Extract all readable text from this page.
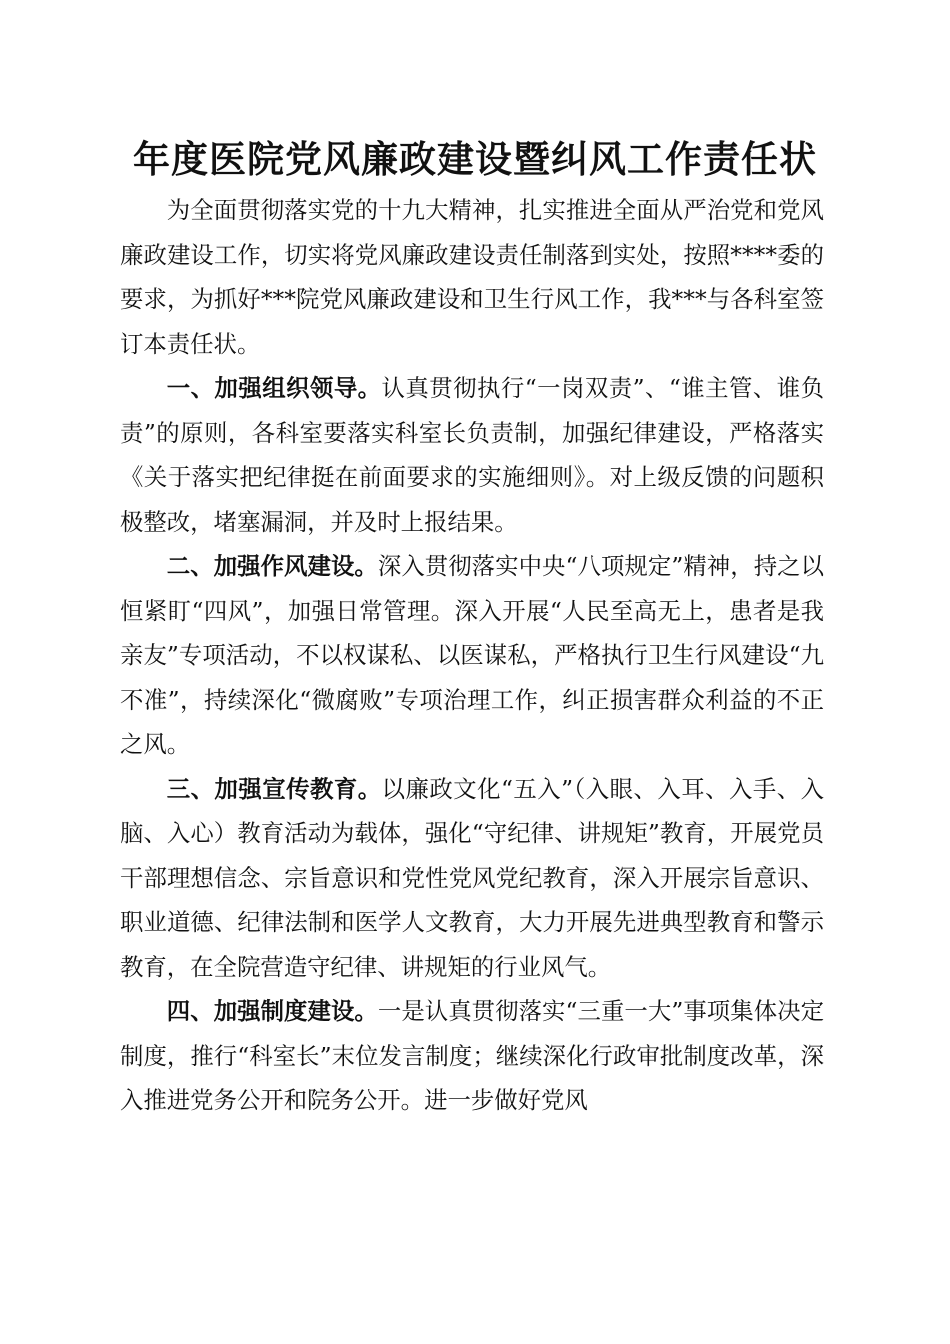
年度医院党风廉政建设暨纠风工作责任状

为全面贯彻落实党的十九大精神，扎实推进全面从严治党和党风廉政建设工作，切实将党风廉政建设责任制落到实处，按照****委的要求，为抓好***院党风廉政建设和卫生行风工作，我***与各科室签订本责任状。

一、加强组织领导。认真贯彻执行“一岗双责”、“谁主管、谁负责”的原则，各科室要落实科室长负责制，加强纪律建设，严格落实《关于落实把纪律挺在前面要求的实施细则》。对上级反馈的问题积极整改，堵塞漏洞，并及时上报结果。

二、加强作风建设。深入贯彻落实中央“八项规定”精神，持之以恒紧盯“四风”，加强日常管理。深入开展“人民至高无上，患者是我亲友”专项活动，不以权谋私、以医谋私，严格执行卫生行风建设“九不准”，持续深化“微腐败”专项治理工作，纠正损害群众利益的不正之风。

三、加强宣传教育。以廉政文化“五入”（入眼、入耳、入手、入脑、入心）教育活动为载体，强化“守纪律、讲规矩”教育，开展党员干部理想信念、宗旨意识和党性党风党纪教育，深入开展宗旨意识、职业道德、纪律法制和医学人文教育，大力开展先进典型教育和警示教育，在全院营造守纪律、讲规矩的行业风气。

四、加强制度建设。一是认真贯彻落实“三重一大”事项集体决定制度，推行“科室长”末位发言制度；继续深化行政审批制度改革，深入推进党务公开和院务公开。进一步做好党风
